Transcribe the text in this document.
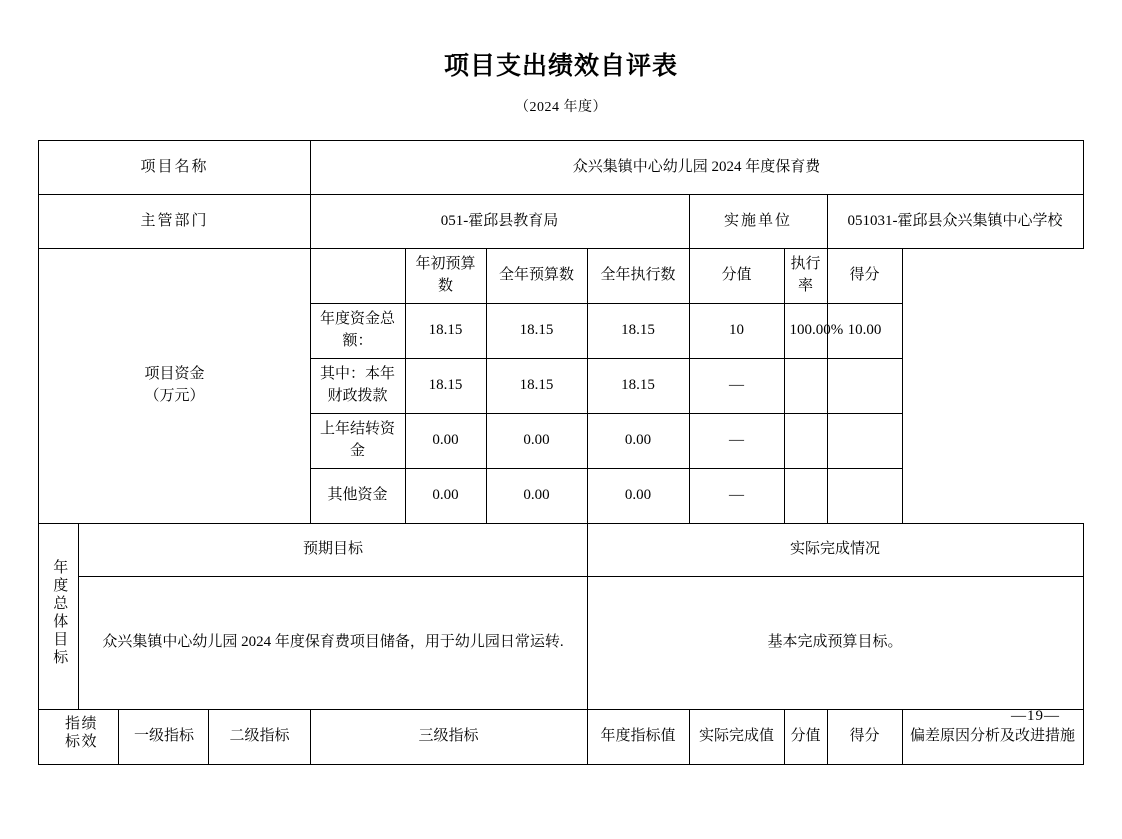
项目支出绩效自评表
（2024 年度）
项目名称				众兴集镇中心幼儿园 2024 年度保育费							
主管部门				051-霍邱县教育局				实施单位		051031-霍邱县众兴集镇中心学校	

项目资金
（万元）					年初预算数	全年预算数	全年执行数	分值	执行率	得分	
				年度资金总额：	18.15	18.15	18.15	10	100.00%	10.00	
				其中：本年财政拨款	18.15	18.15	18.15	—			
				上年结转资金	0.00	0.00	0.00	—			
				其他资金	0.00	0.00	0.00	—			
年度总体目标	预期目标						实际完成情况				
	众兴集镇中心幼儿园 2024 年度保育费项目储备，用于幼儿园日常运转.						基本完成预算目标。				
绩效指标		一级指标	二级指标	三级指标			年度指标值	实际完成值	分值	得分	偏差原因分析及改进措施
—19—
